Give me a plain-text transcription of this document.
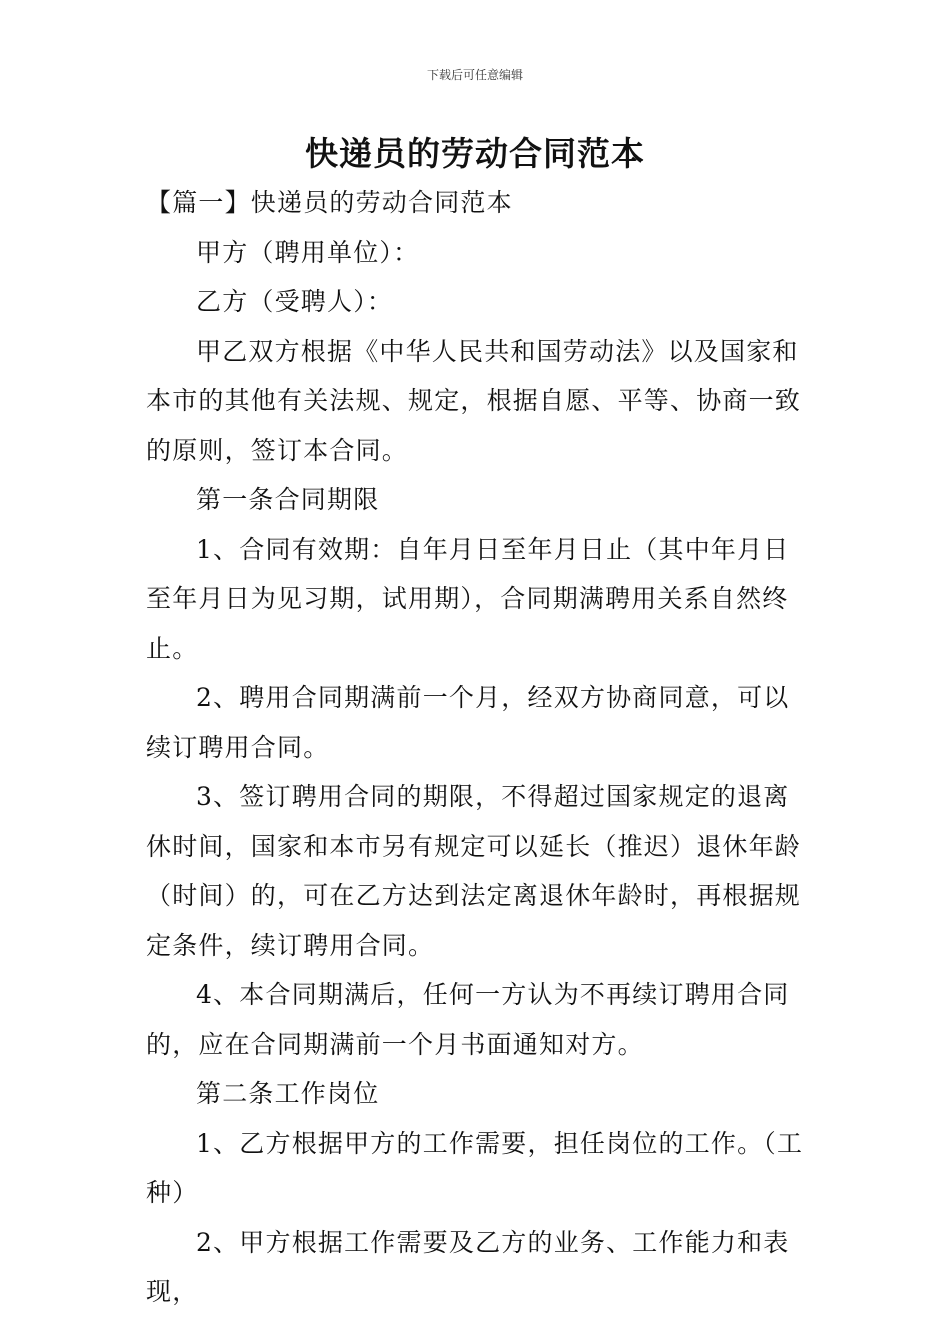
下载后可任意编辑
快递员的劳动合同范本

【篇一】快递员的劳动合同范本

甲方（聘用单位）：

乙方（受聘人）：

甲乙双方根据《中华人民共和国劳动法》以及国家和本市的其他有关法规、规定，根据自愿、平等、协商一致的原则，签订本合同。

第一条合同期限

1、合同有效期：自年月日至年月日止（其中年月日至年月日为见习期，试用期），合同期满聘用关系自然终止。

2、聘用合同期满前一个月，经双方协商同意，可以续订聘用合同。

3、签订聘用合同的期限，不得超过国家规定的退离休时间，国家和本市另有规定可以延长（推迟）退休年龄（时间）的，可在乙方达到法定离退休年龄时，再根据规定条件，续订聘用合同。

4、本合同期满后，任何一方认为不再续订聘用合同的，应在合同期满前一个月书面通知对方。

第二条工作岗位

1、乙方根据甲方的工作需要，担任岗位的工作。（工种）

2、甲方根据工作需要及乙方的业务、工作能力和表现，
